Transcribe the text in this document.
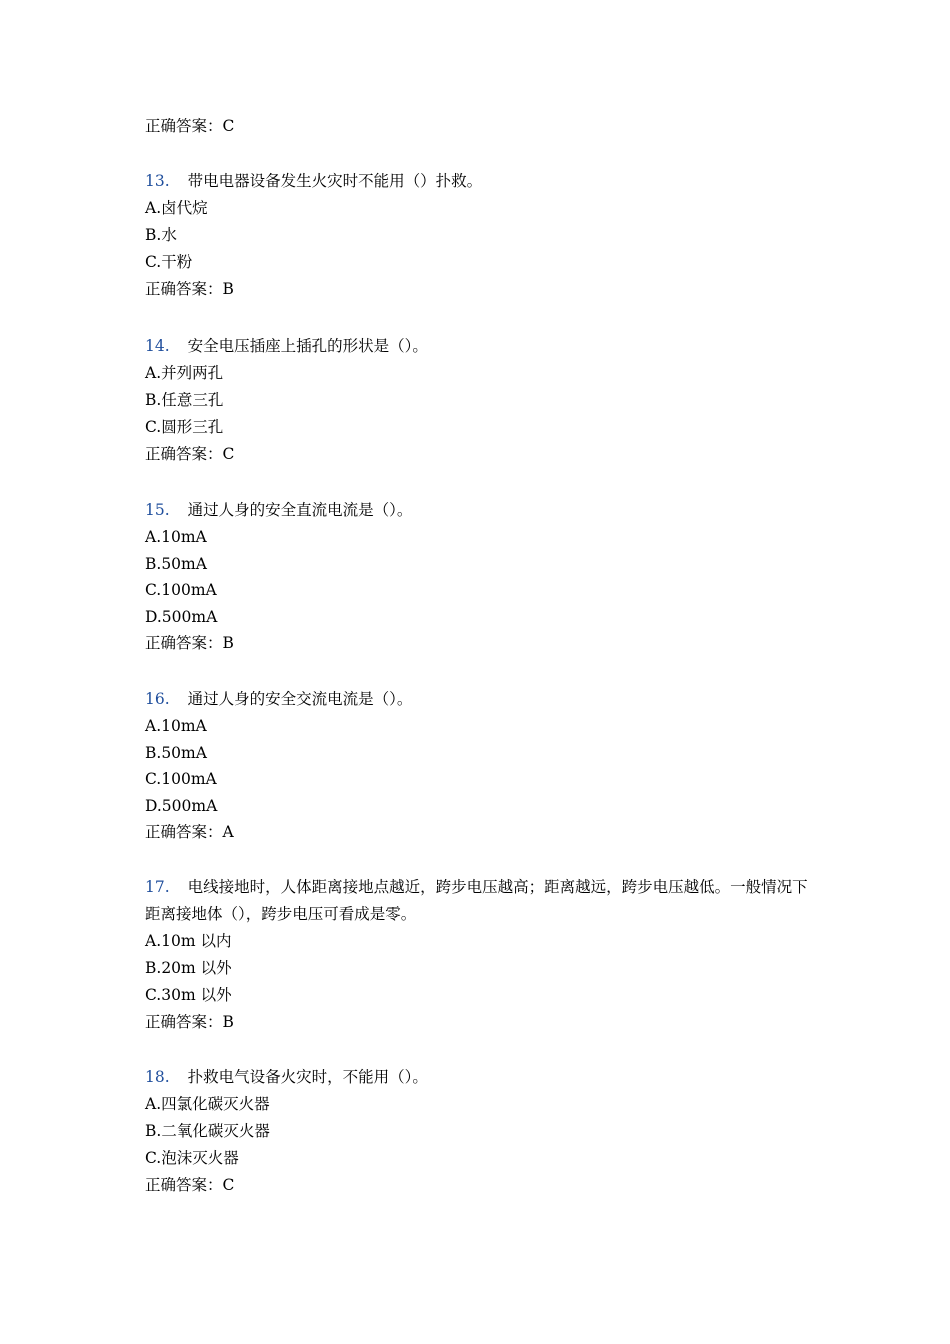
正确答案：C
13. 带电电器设备发生火灾时不能用（）扑救。
A.卤代烷
B.水
C.干粉
正确答案：B
14. 安全电压插座上插孔的形状是（）。
A.并列两孔
B.任意三孔
C.圆形三孔
正确答案：C
15. 通过人身的安全直流电流是（）。
A.10mA
B.50mA
C.100mA
D.500mA
正确答案：B
16. 通过人身的安全交流电流是（）。
A.10mA
B.50mA
C.100mA
D.500mA
正确答案：A
17. 电线接地时，人体距离接地点越近，跨步电压越高；距离越远，跨步电压越低。一般情况下距离接地体（），跨步电压可看成是零。
A.10m 以内
B.20m 以外
C.30m 以外
正确答案：B
18. 扑救电气设备火灾时，不能用（）。
A.四氯化碳灭火器
B.二氧化碳灭火器
C.泡沫灭火器
正确答案：C
